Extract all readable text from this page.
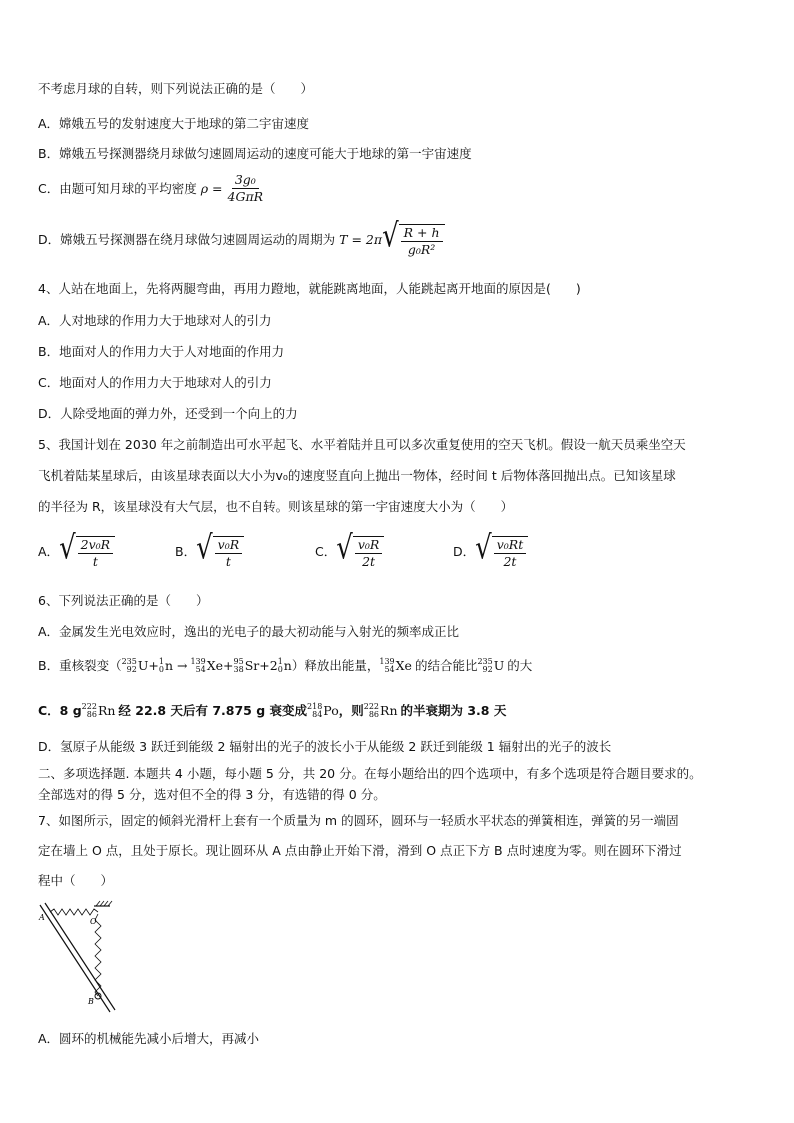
不考虑月球的自转，则下列说法正确的是（　　）
A．嫦娥五号的发射速度大于地球的第二宇宙速度
B．嫦娥五号探测器绕月球做匀速圆周运动的速度可能大于地球的第一宇宙速度
C．由题可知月球的平均密度 $\rho = \frac{\text{3g₀}}{\text{4GπR}}$
D．嫦娥五号探测器在绕月球做匀速圆周运动的周期为 T = 2π √ $\frac{R + h}{\text{g₀R²}}$
4、人站在地面上，先将两腿弯曲，再用力蹬地，就能跳离地面，人能跳起离开地面的原因是(　　)
A．人对地球的作用力大于地球对人的引力
B．地面对人的作用力大于人对地面的作用力
C．地面对人的作用力大于地球对人的引力
D．人除受地面的弹力外，还受到一个向上的力
5、我国计划在 2030 年之前制造出可水平起飞、水平着陆并且可以多次重复使用的空天飞机。假设一航天员乘坐空天
飞机着陆某星球后，由该星球表面以大小为v₀的速度竖直向上抛出一物体，经时间 t 后物体落回抛出点。已知该星球
的半径为 R，该星球没有大气层，也不自转。则该星球的第一宇宙速度大小为（　　）
A． √ $\frac{\text{2v₀R}}{t}$	B． √ $\frac{\text{v₀R}}{t}$	C． √ $\frac{\text{v₀R}}{2t}$	D． √ $\frac{\text{v₀Rt}}{2t}$
6、下列说法正确的是（　　）
A．金属发生光电效应时，逸出的光电子的最大初动能与入射光的频率成正比
B．重核裂变（ 235
92 U+ 1
0 n → 139
54 Xe+ 95
38 Sr+2 1
0 n ）释放出能量， 139
54 Xe 的结合能比 235
92 U 的大
C．8 g 222
86 Rn 经 22.8 天后有 7.875 g 衰变成 218
84 Po ，则 222
86 Rn 的半衰期为 3.8 天
D．氢原子从能级 3 跃迁到能级 2 辐射出的光子的波长小于从能级 2 跃迁到能级 1 辐射出的光子的波长
二、多项选择题. 本题共 4 小题，每小题 5 分，共 20 分。在每小题给出的四个选项中，有多个选项是符合题目要求的。
全部选对的得 5 分，选对但不全的得 3 分，有选错的得 0 分。
7、如图所示，固定的倾斜光滑杆上套有一个质量为 m 的圆环，圆环与一轻质水平状态的弹簧相连，弹簧的另一端固
定在墙上 O 点，且处于原长。现让圆环从 A 点由静止开始下滑，滑到 O 点正下方 B 点时速度为零。则在圆环下滑过
程中（　　）
A	O
B
A．圆环的机械能先减小后增大，再减小
